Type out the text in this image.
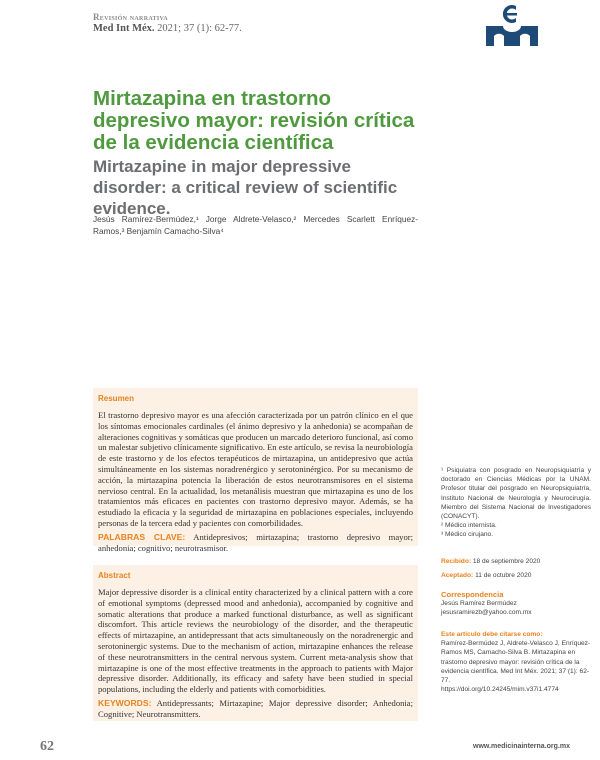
Revisión narrativa
Med Int Méx. 2021; 37 (1): 62-77.
Mirtazapina en trastorno depresivo mayor: revisión crítica de la evidencia científica
Mirtazapine in major depressive disorder: a critical review of scientific evidence.
Jesús Ramírez-Bermúdez,¹ Jorge Aldrete-Velasco,² Mercedes Scarlett Enríquez-Ramos,³ Benjamín Camacho-Silva⁴
Resumen

El trastorno depresivo mayor es una afección caracterizada por un patrón clínico en el que los síntomas emocionales cardinales (el ánimo depresivo y la anhedonia) se acompañan de alteraciones cognitivas y somáticas que producen un marcado deterioro funcional, así como un malestar subjetivo clínicamente significativo. En este artículo, se revisa la neurobiología de este trastorno y de los efectos terapéuticos de mirtazapina, un antidepresivo que actúa simultáneamente en los sistemas noradrenérgico y serotoninérgico. Por su mecanismo de acción, la mirtazapina potencia la liberación de estos neurotransmisores en el sistema nervioso central. En la actualidad, los metanálisis muestran que mirtazapina es uno de los tratamientos más eficaces en pacientes con trastorno depresivo mayor. Además, se ha estudiado la eficacia y la seguridad de mirtazapina en poblaciones especiales, incluyendo personas de la tercera edad y pacientes con comorbilidades.

PALABRAS CLAVE: Antidepresivos; mirtazapina; trastorno depresivo mayor; anhedonia; cognitivo; neurotrasmisor.

Abstract

Major depressive disorder is a clinical entity characterized by a clinical pattern with a core of emotional symptoms (depressed mood and anhedonia), accompanied by cognitive and somatic alterations that produce a marked functional disturbance, as well as significant discomfort. This article reviews the neurobiology of the disorder, and the therapeutic effects of mirtazapine, an antidepressant that acts simultaneously on the noradrenergic and serotoninergic systems. Due to the mechanism of action, mirtazapine enhances the release of these neurotransmitters in the central nervous system. Current meta-analysis show that mirtazapine is one of the most effective treatments in the approach to patients with Major depressive disorder. Additionally, its efficacy and safety have been studied in special populations, including the elderly and patients with comorbidities.

KEYWORDS: Antidepressants; Mirtazapine; Major depressive disorder; Anhedonia; Cognitive; Neurotransmitters.

¹ Psiquiatra con posgrado en Neuropsiquiatría y doctorado en Ciencias Médicas por la UNAM. Profesor titular del posgrado en Neuropsiquiatría, Instituto Nacional de Neurología y Neurocirugía. Miembro del Sistema Nacional de Investigadores (CONACYT).
² Médico internista.
³ Médico cirujano.
Recibido: 18 de septiembre 2020
Aceptado: 11 de octubre 2020
Correspondencia
Jesús Ramírez Bermúdez
jesusramirezb@yahoo.com.mx
Este artículo debe citarse como:
Ramírez-Bermúdez J, Aldrete-Velasco J, Enríquez-Ramos MS, Camacho-Silva B. Mirtazapina en trastorno depresivo mayor: revisión crítica de la evidencia científica. Med Int Méx. 2021; 37 (1): 62-77.
https://doi.org/10.24245/mim.v37i1.4774
62	www.medicinainterna.org.mx
